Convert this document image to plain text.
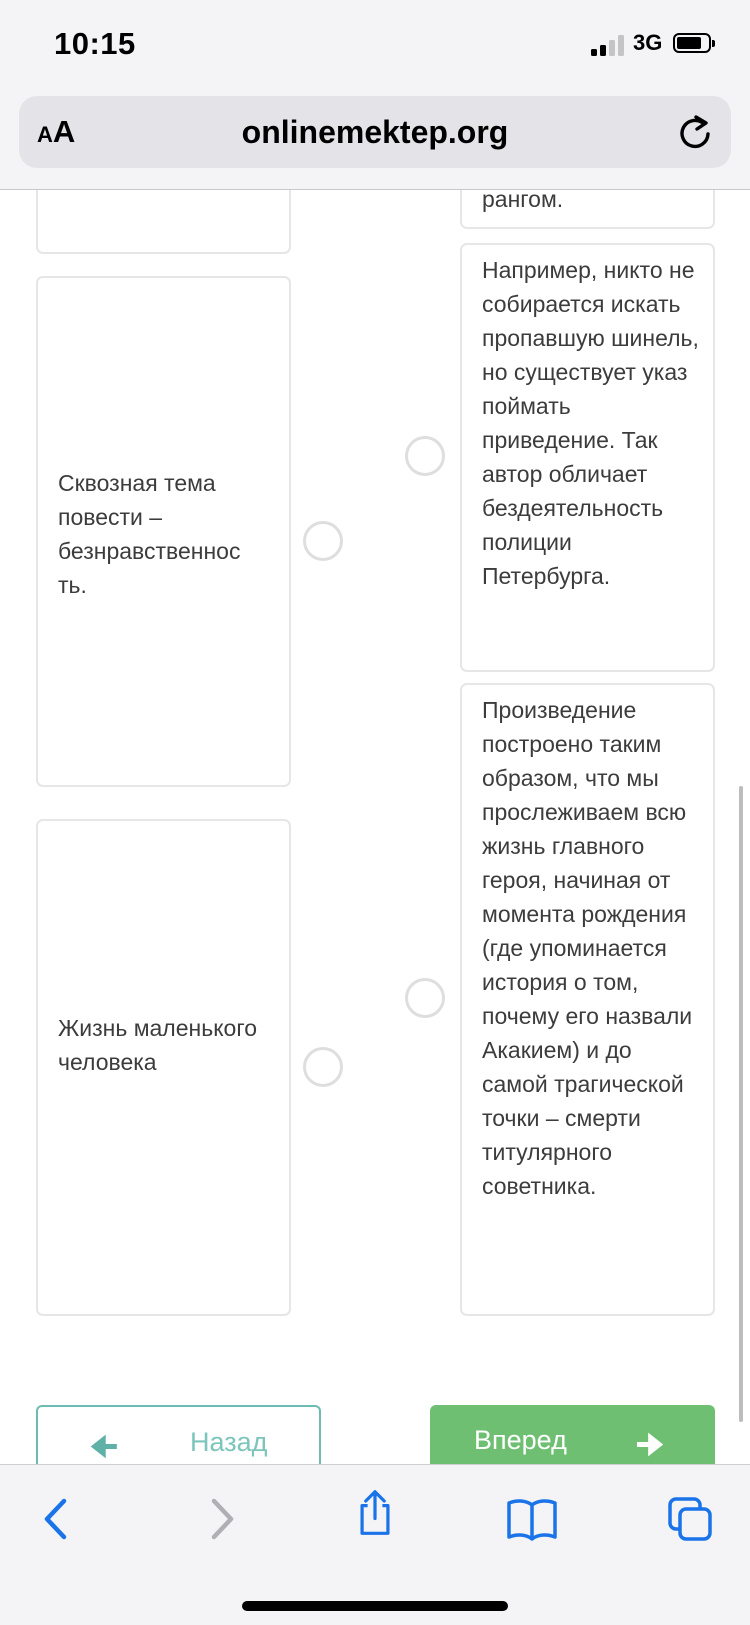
10:15	3G
AA	onlinemektep.org
Сквозная тема повести – безнравственнос ть.
Жизнь маленького человека
рангом.
Например, никто не собирается искать пропавшую шинель, но существует указ поймать приведение. Так автор обличает бездеятельность полиции Петербурга.
Произведение построено таким образом, что мы прослеживаем всю жизнь главного героя, начиная от момента рождения (где упоминается история о том, почему его назвали Акакием) и до самой трагической точки – смерти титулярного советника.
🠈	Назад	Вперед 🠊
